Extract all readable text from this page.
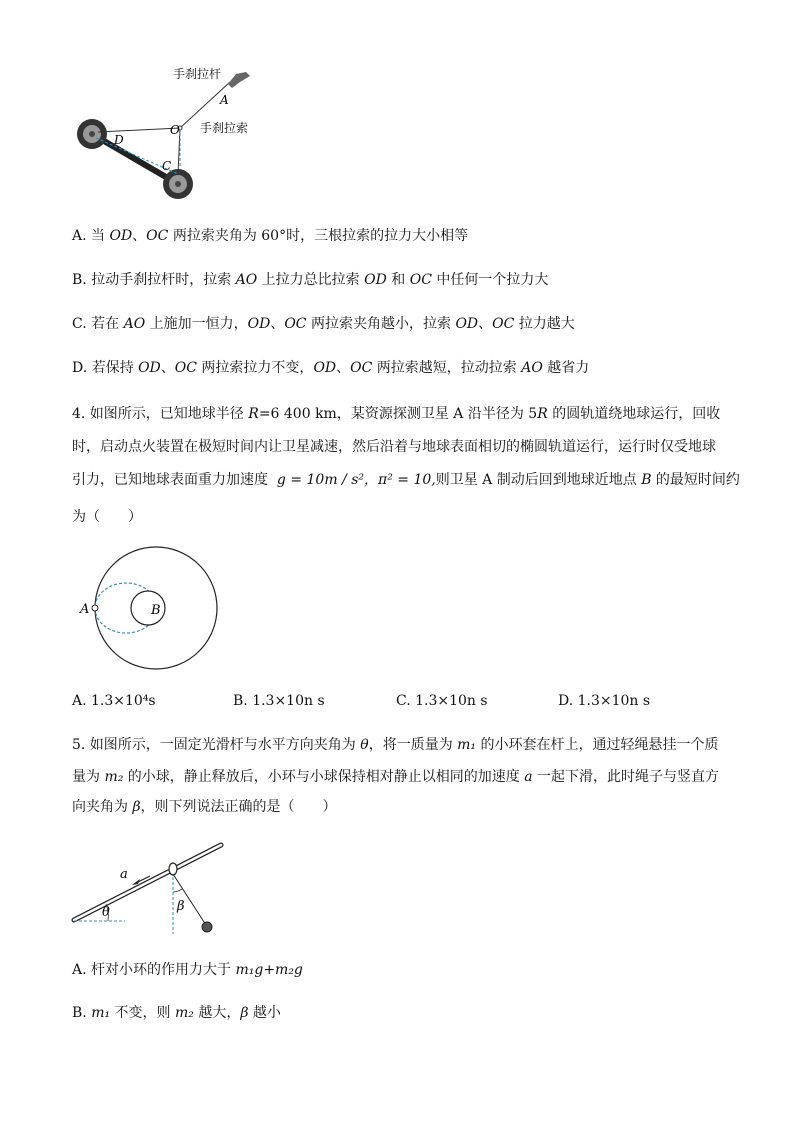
手刹拉杆
A
O 手刹拉索
D
C
A. 当 OD、OC 两拉索夹角为 60°时，三根拉索的拉力大小相等
B. 拉动手刹拉杆时，拉索 AO 上拉力总比拉索 OD 和 OC 中任何一个拉力大
C. 若在 AO 上施加一恒力，OD、OC 两拉索夹角越小，拉索 OD、OC 拉力越大
D. 若保持 OD、OC 两拉索拉力不变，OD、OC 两拉索越短，拉动拉索 AO 越省力
4. 如图所示，已知地球半径 R=6 400 km，某资源探测卫星 A 沿半径为 5R 的圆轨道绕地球运行，回收
时，启动点火装置在极短时间内让卫星减速，然后沿着与地球表面相切的椭圆轨道运行，运行时仅受地球
引力，已知地球表面重力加速度 g = 10m / s²，π² = 10,则卫星 A 制动后回到地球近地点 B 的最短时间约
为（　　）
A	B
A. 1.3×10⁴s	B. 1.3×10n s	C. 1.3×10n s	D. 1.3×10n s
5. 如图所示，一固定光滑杆与水平方向夹角为 θ，将一质量为 m₁ 的小环套在杆上，通过轻绳悬挂一个质
量为 m₂ 的小球，静止释放后，小环与小球保持相对静止以相同的加速度 a 一起下滑，此时绳子与竖直方
向夹角为 β，则下列说法正确的是（　　）
a
θ	β
A. 杆对小环的作用力大于 m₁g+m₂g
B. m₁ 不变，则 m₂ 越大，β 越小
